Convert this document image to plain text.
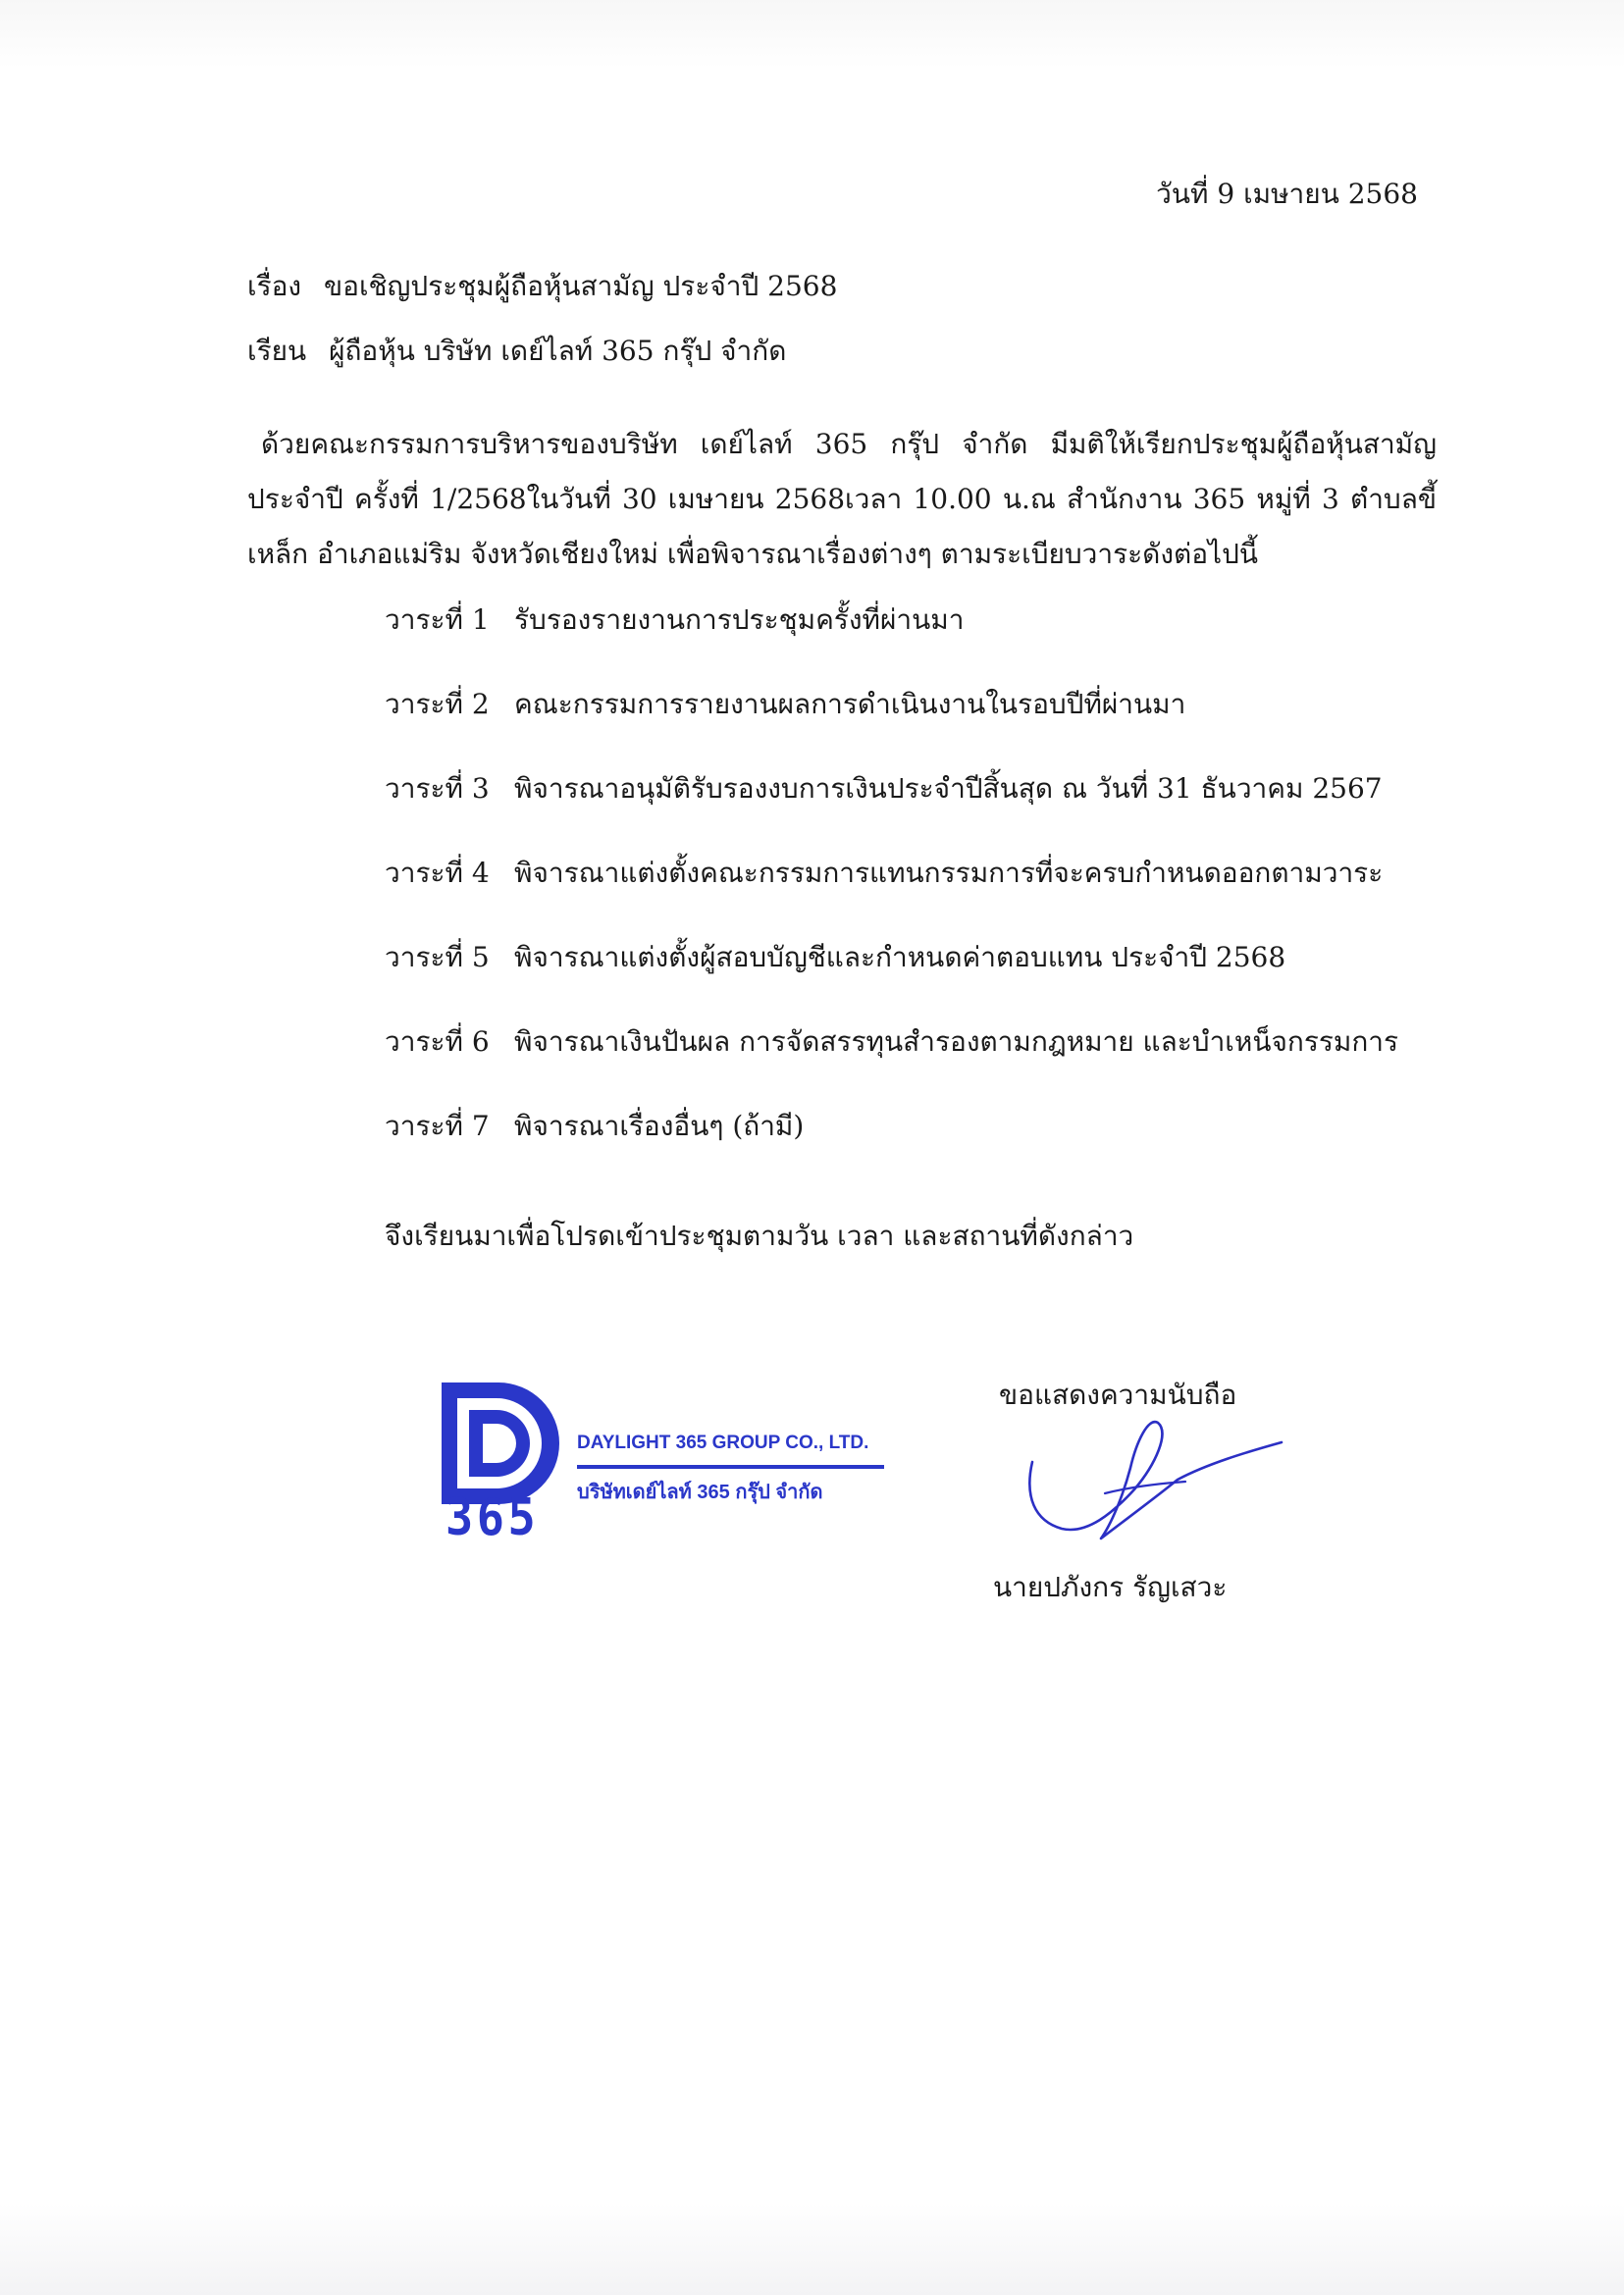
วันที่ 9 เมษายน 2568
เรื่อง ขอเชิญประชุมผู้ถือหุ้นสามัญ ประจำปี 2568
เรียน ผู้ถือหุ้น บริษัท เดย์ไลท์ 365 กรุ๊ป จำกัด
ด้วยคณะกรรมการบริหารของบริษัท เดย์ไลท์ 365 กรุ๊ป จำกัด มีมติให้เรียกประชุมผู้ถือหุ้นสามัญประจำปี ครั้งที่ 1/2568ในวันที่ 30 เมษายน 2568เวลา 10.00 น.ณ สำนักงาน 365 หมู่ที่ 3 ตำบลขี้เหล็ก อำเภอแม่ริม จังหวัดเชียงใหม่ เพื่อพิจารณาเรื่องต่างๆ ตามระเบียบวาระดังต่อไปนี้
วาระที่ 1 รับรองรายงานการประชุมครั้งที่ผ่านมา
วาระที่ 2 คณะกรรมการรายงานผลการดำเนินงานในรอบปีที่ผ่านมา
วาระที่ 3 พิจารณาอนุมัติรับรองงบการเงินประจำปีสิ้นสุด ณ วันที่ 31 ธันวาคม 2567
วาระที่ 4 พิจารณาแต่งตั้งคณะกรรมการแทนกรรมการที่จะครบกำหนดออกตามวาระ
วาระที่ 5 พิจารณาแต่งตั้งผู้สอบบัญชีและกำหนดค่าตอบแทน ประจำปี 2568
วาระที่ 6 พิจารณาเงินปันผล การจัดสรรทุนสำรองตามกฎหมาย และบำเหน็จกรรมการ
วาระที่ 7 พิจารณาเรื่องอื่นๆ (ถ้ามี)
จึงเรียนมาเพื่อโปรดเข้าประชุมตามวัน เวลา และสถานที่ดังกล่าว
365
DAYLIGHT 365 GROUP CO., LTD.
บริษัทเดย์ไลท์ 365 กรุ๊ป จำกัด
ขอแสดงความนับถือ
นายปภังกร รัญเสวะ
